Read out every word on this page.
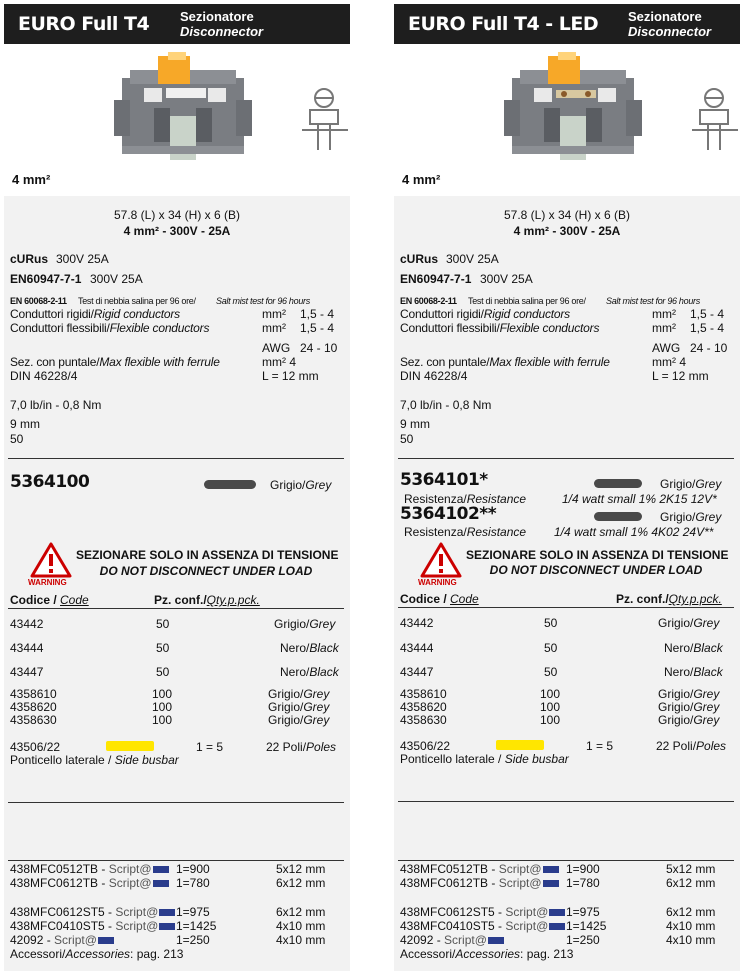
EURO Full T4 Sezionatore
Disconnector
4 mm²
57.8 (L) x 34 (H) x 6 (B)
4 mm² - 300V - 25A
cURus 300V 25A
EN60947-7-1 300V 25A
EN 60068-2-11 Test di nebbia salina per 96 ore/ Salt mist test for 96 hours
Conduttori rigidi/Rigid conductors	mm² 1,5 - 4
Conduttori flessibili/Flexible conductors	mm² 1,5 - 4
AWG 24 - 10
Sez. con puntale/Max flexible with ferrule	mm² 4
DIN 46228/4	L = 12 mm
7,0 lb/in - 0,8 Nm
9 mm
50
5364100	Grigio/Grey
WARNING
SEZIONARE SOLO IN ASSENZA DI TENSIONE
DO NOT DISCONNECT UNDER LOAD
Codice / Code	Pz. conf./Qty.p.pck.
43442	50	Grigio/Grey
43444	50	Nero/Black
43447	50	Nero/Black
4358610	100	Grigio/Grey
4358620	100	Grigio/Grey
4358630	100	Grigio/Grey
43506/22	1 = 5	22 Poli/Poles
Ponticello laterale / Side busbar
438MFC0512TB - Script@	1=900	5x12 mm
438MFC0612TB - Script@	1=780	6x12 mm
438MFC0612ST5 - Script@	1=975	6x12 mm
438MFC0410ST5 - Script@	1=1425	4x10 mm
42092 - Script@	1=250	4x10 mm
Accessori/Accessories: pag. 213
EURO Full T4 - LED Sezionatore
Disconnector
4 mm²
57.8 (L) x 34 (H) x 6 (B)
4 mm² - 300V - 25A
cURus 300V 25A
EN60947-7-1 300V 25A
EN 60068-2-11 Test di nebbia salina per 96 ore/ Salt mist test for 96 hours
Conduttori rigidi/Rigid conductors	mm² 1,5 - 4
Conduttori flessibili/Flexible conductors	mm² 1,5 - 4
AWG 24 - 10
Sez. con puntale/Max flexible with ferrule	mm² 4
DIN 46228/4	L = 12 mm
7,0 lb/in - 0,8 Nm
9 mm
50
5364101*	Grigio/Grey
Resistenza/Resistance	1/4 watt small 1% 2K15 12V*
5364102**	Grigio/Grey
Resistenza/Resistance 1/4 watt small 1% 4K02 24V**
WARNING
SEZIONARE SOLO IN ASSENZA DI TENSIONE
DO NOT DISCONNECT UNDER LOAD
Codice / Code	Pz. conf./Qty.p.pck.
43442	50	Grigio/Grey
43444	50	Nero/Black
43447	50	Nero/Black
4358610	100	Grigio/Grey
4358620	100	Grigio/Grey
4358630	100	Grigio/Grey
43506/22	1 = 5	22 Poli/Poles
Ponticello laterale / Side busbar
438MFC0512TB - Script@	1=900	5x12 mm
438MFC0612TB - Script@	1=780	6x12 mm
438MFC0612ST5 - Script@	1=975	6x12 mm
438MFC0410ST5 - Script@	1=1425	4x10 mm
42092 - Script@	1=250	4x10 mm
Accessori/Accessories: pag. 213
